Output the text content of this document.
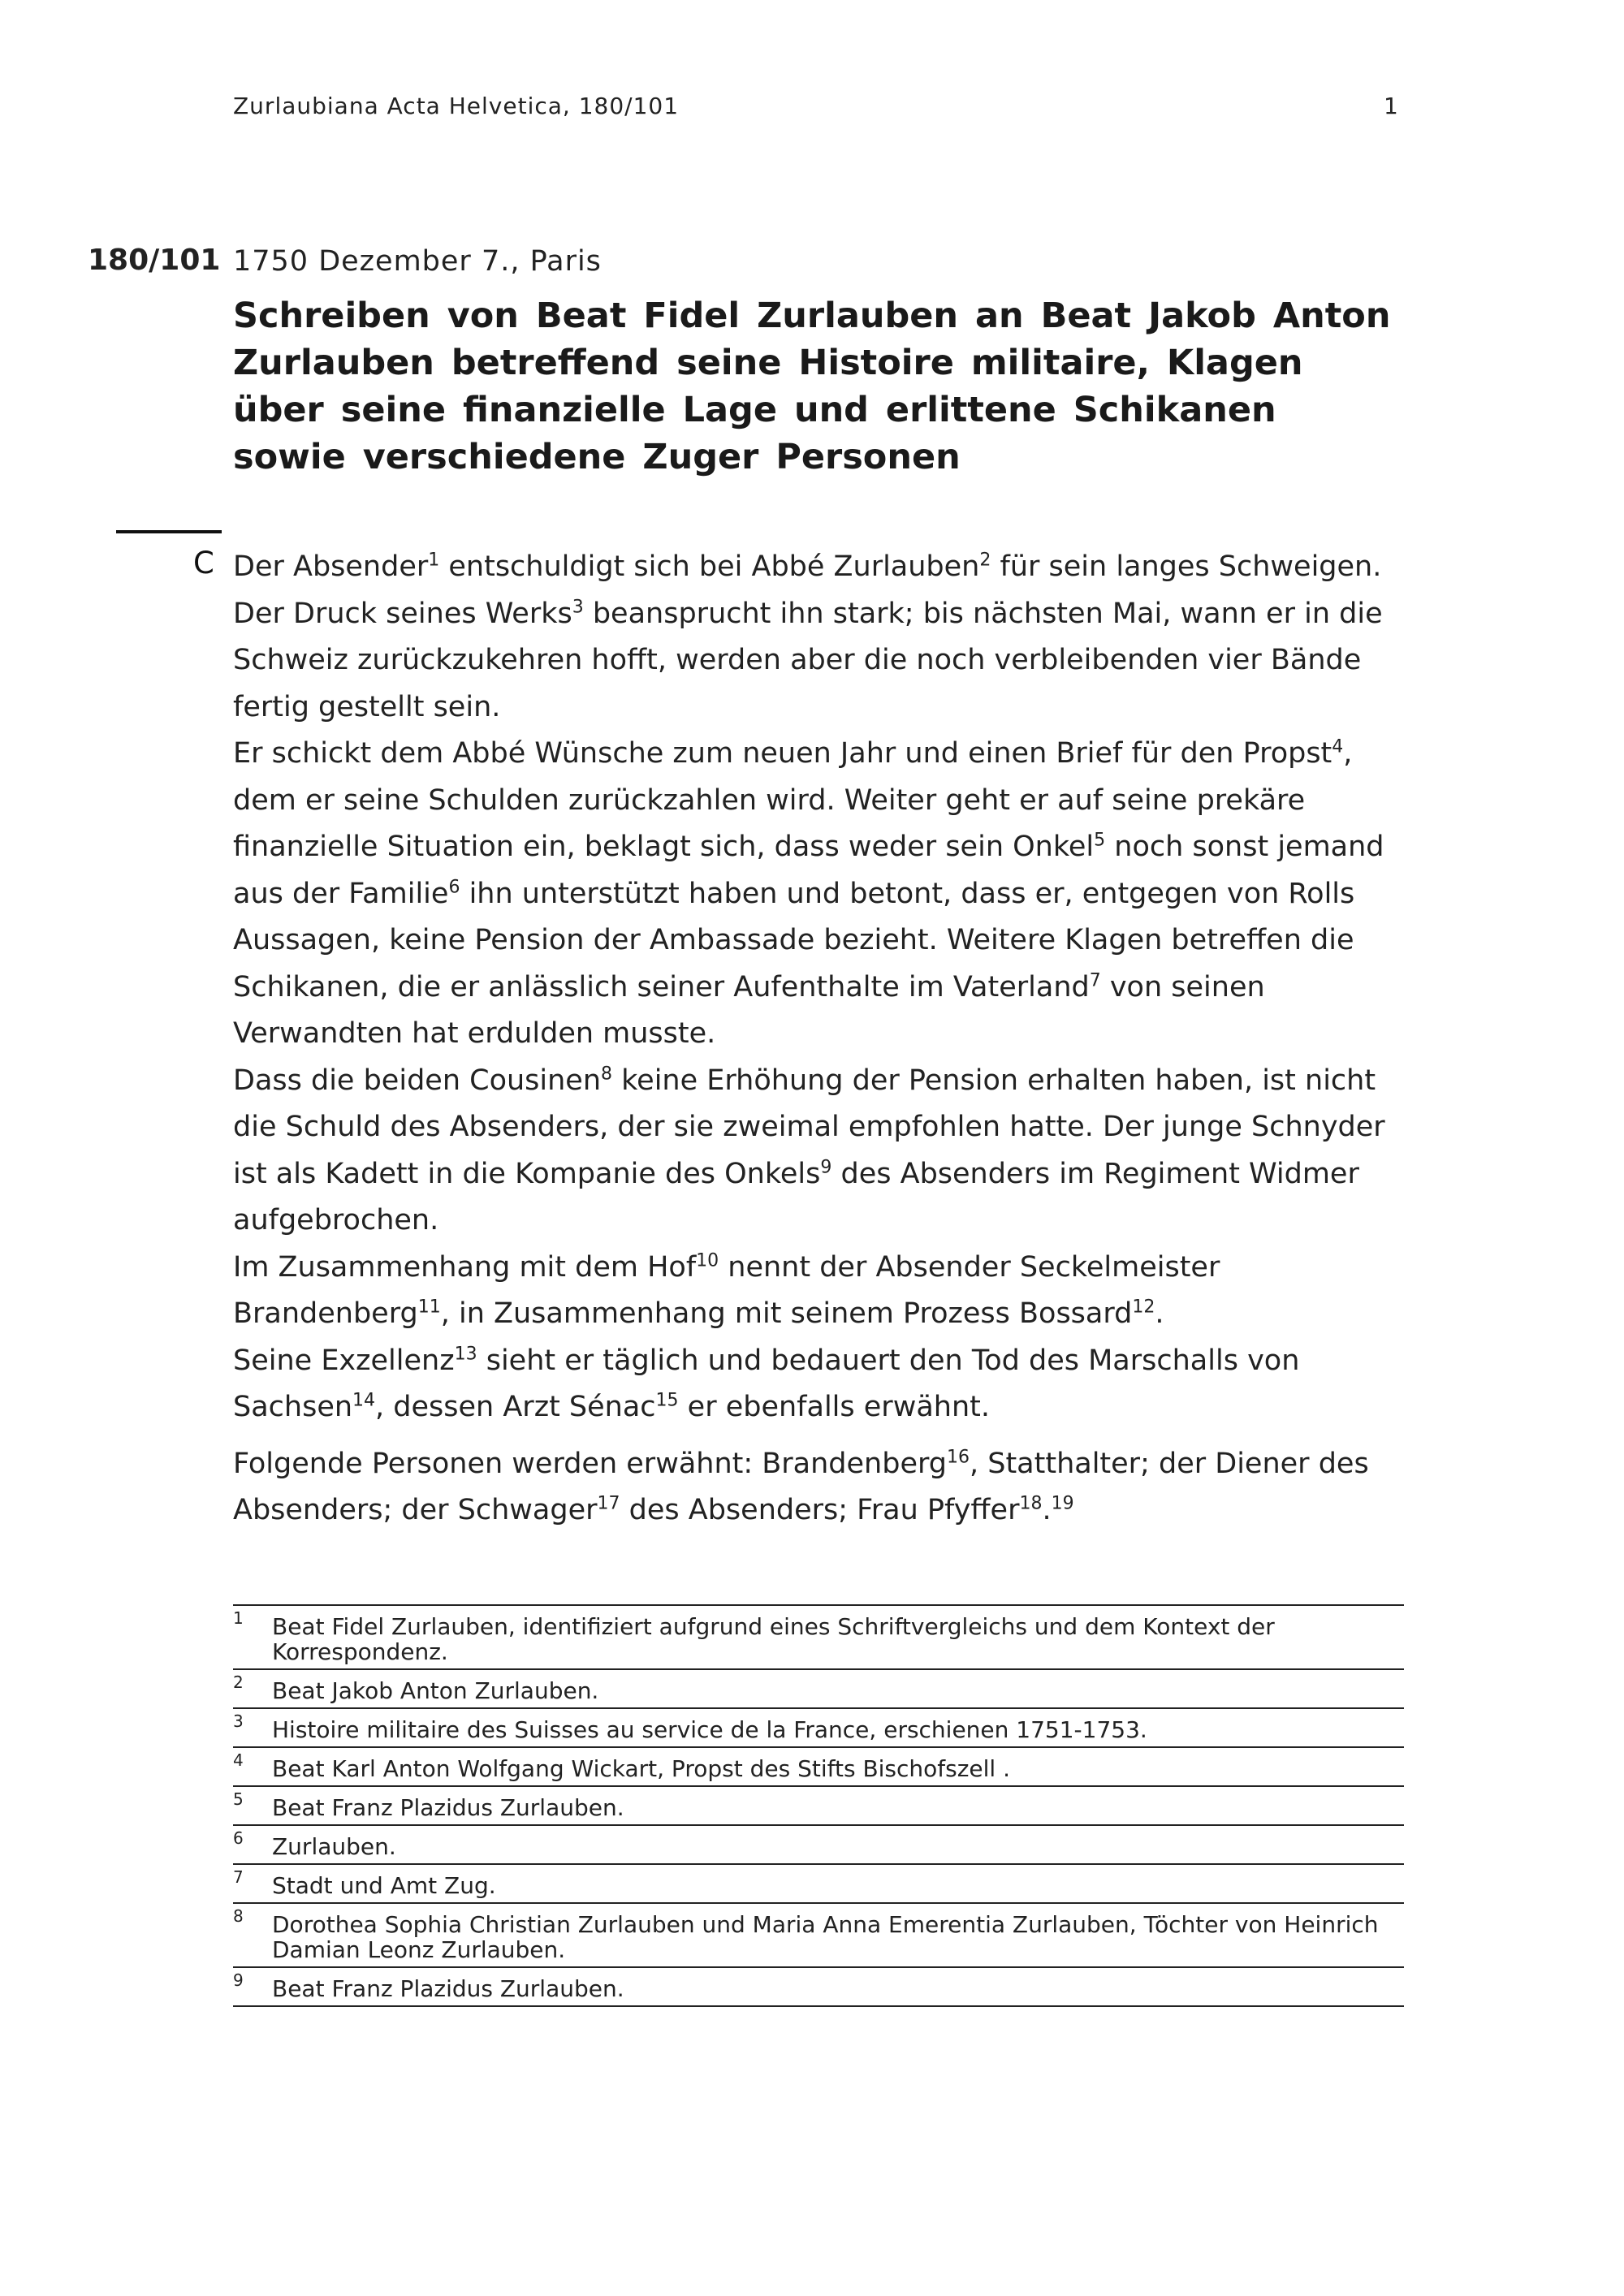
Zurlaubiana Acta Helvetica, 180/101	1
180/101 1750 Dezember 7., Paris
Schreiben von Beat Fidel Zurlauben an Beat Jakob Anton Zurlauben betreffend seine Histoire militaire, Klagen über seine finanzielle Lage und erlittene Schikanen sowie verschiedene Zuger Personen
C Der Absender$^1$ entschuldigt sich bei Abbé Zurlauben$^2$ für sein langes Schweigen. Der Druck seines Werks$^3$ beansprucht ihn stark; bis nächsten Mai, wann er in die Schweiz zurückzukehren hofft, werden aber die noch verbleibenden vier Bände fertig gestellt sein.

Er schickt dem Abbé Wünsche zum neuen Jahr und einen Brief für den Propst$^4$, dem er seine Schulden zurückzahlen wird. Weiter geht er auf seine prekäre finanzielle Situation ein, beklagt sich, dass weder sein Onkel$^5$ noch sonst jemand aus der Familie$^6$ ihn unterstützt haben und betont, dass er, entgegen von Rolls Aussagen, keine Pension der Ambassade bezieht. Weitere Klagen betreffen die Schikanen, die er anlässlich seiner Aufenthalte im Vaterland$^7$ von seinen Verwandten hat erdulden musste.

Dass die beiden Cousinen$^8$ keine Erhöhung der Pension erhalten haben, ist nicht die Schuld des Absenders, der sie zweimal empfohlen hatte. Der junge Schnyder ist als Kadett in die Kompanie des Onkels$^9$ des Absenders im Regiment Widmer aufgebrochen.

Im Zusammenhang mit dem Hof$^{10}$ nennt der Absender Seckelmeister Brandenberg$^{11}$, in Zusammenhang mit seinem Prozess Bossard$^{12}$.

Seine Exzellenz$^{13}$ sieht er täglich und bedauert den Tod des Marschalls von Sachsen$^{14}$, dessen Arzt Sénac$^{15}$ er ebenfalls erwähnt.

Folgende Personen werden erwähnt: Brandenberg$^{16}$, Statthalter; der Diener des Absenders; der Schwager$^{17}$ des Absenders; Frau Pfyffer$^{18}$.$^{19}$

1	Beat Fidel Zurlauben, identifiziert aufgrund eines Schriftvergleichs und dem Kontext der Korrespondenz.
2	Beat Jakob Anton Zurlauben.
3	Histoire militaire des Suisses au service de la France, erschienen 1751-1753.
4	Beat Karl Anton Wolfgang Wickart, Propst des Stifts Bischofszell .
5	Beat Franz Plazidus Zurlauben.
6	Zurlauben.
7	Stadt und Amt Zug.
8	Dorothea Sophia Christian Zurlauben und Maria Anna Emerentia Zurlauben, Töchter von Heinrich Damian Leonz Zurlauben.
9	Beat Franz Plazidus Zurlauben.
